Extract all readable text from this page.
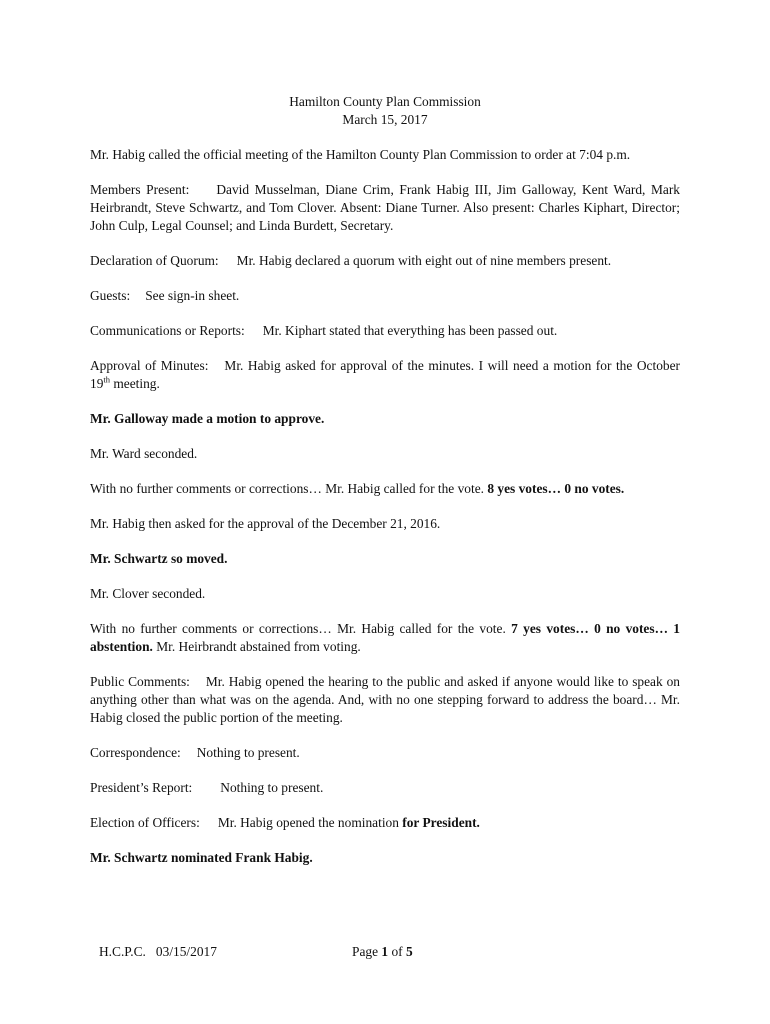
Hamilton County Plan Commission

March 15, 2017

Mr. Habig called the official meeting of the Hamilton County Plan Commission to order at 7:04 p.m.

Members Present: David Musselman, Diane Crim, Frank Habig III, Jim Galloway, Kent Ward, Mark Heirbrandt, Steve Schwartz, and Tom Clover. Absent: Diane Turner. Also present: Charles Kiphart, Director; John Culp, Legal Counsel; and Linda Burdett, Secretary.

Declaration of Quorum: Mr. Habig declared a quorum with eight out of nine members present.

Guests: See sign-in sheet.

Communications or Reports: Mr. Kiphart stated that everything has been passed out.

Approval of Minutes: Mr. Habig asked for approval of the minutes. I will need a motion for the October 19th meeting.

Mr. Galloway made a motion to approve.

Mr. Ward seconded.

With no further comments or corrections… Mr. Habig called for the vote. 8 yes votes… 0 no votes.

Mr. Habig then asked for the approval of the December 21, 2016.

Mr. Schwartz so moved.

Mr. Clover seconded.

With no further comments or corrections… Mr. Habig called for the vote. 7 yes votes… 0 no votes… 1 abstention. Mr. Heirbrandt abstained from voting.

Public Comments: Mr. Habig opened the hearing to the public and asked if anyone would like to speak on anything other than what was on the agenda. And, with no one stepping forward to address the board… Mr. Habig closed the public portion of the meeting.

Correspondence: Nothing to present.

President’s Report: Nothing to present.

Election of Officers: Mr. Habig opened the nomination for President.

Mr. Schwartz nominated Frank Habig.

H.C.P.C.   03/15/2017	Page 1 of 5
